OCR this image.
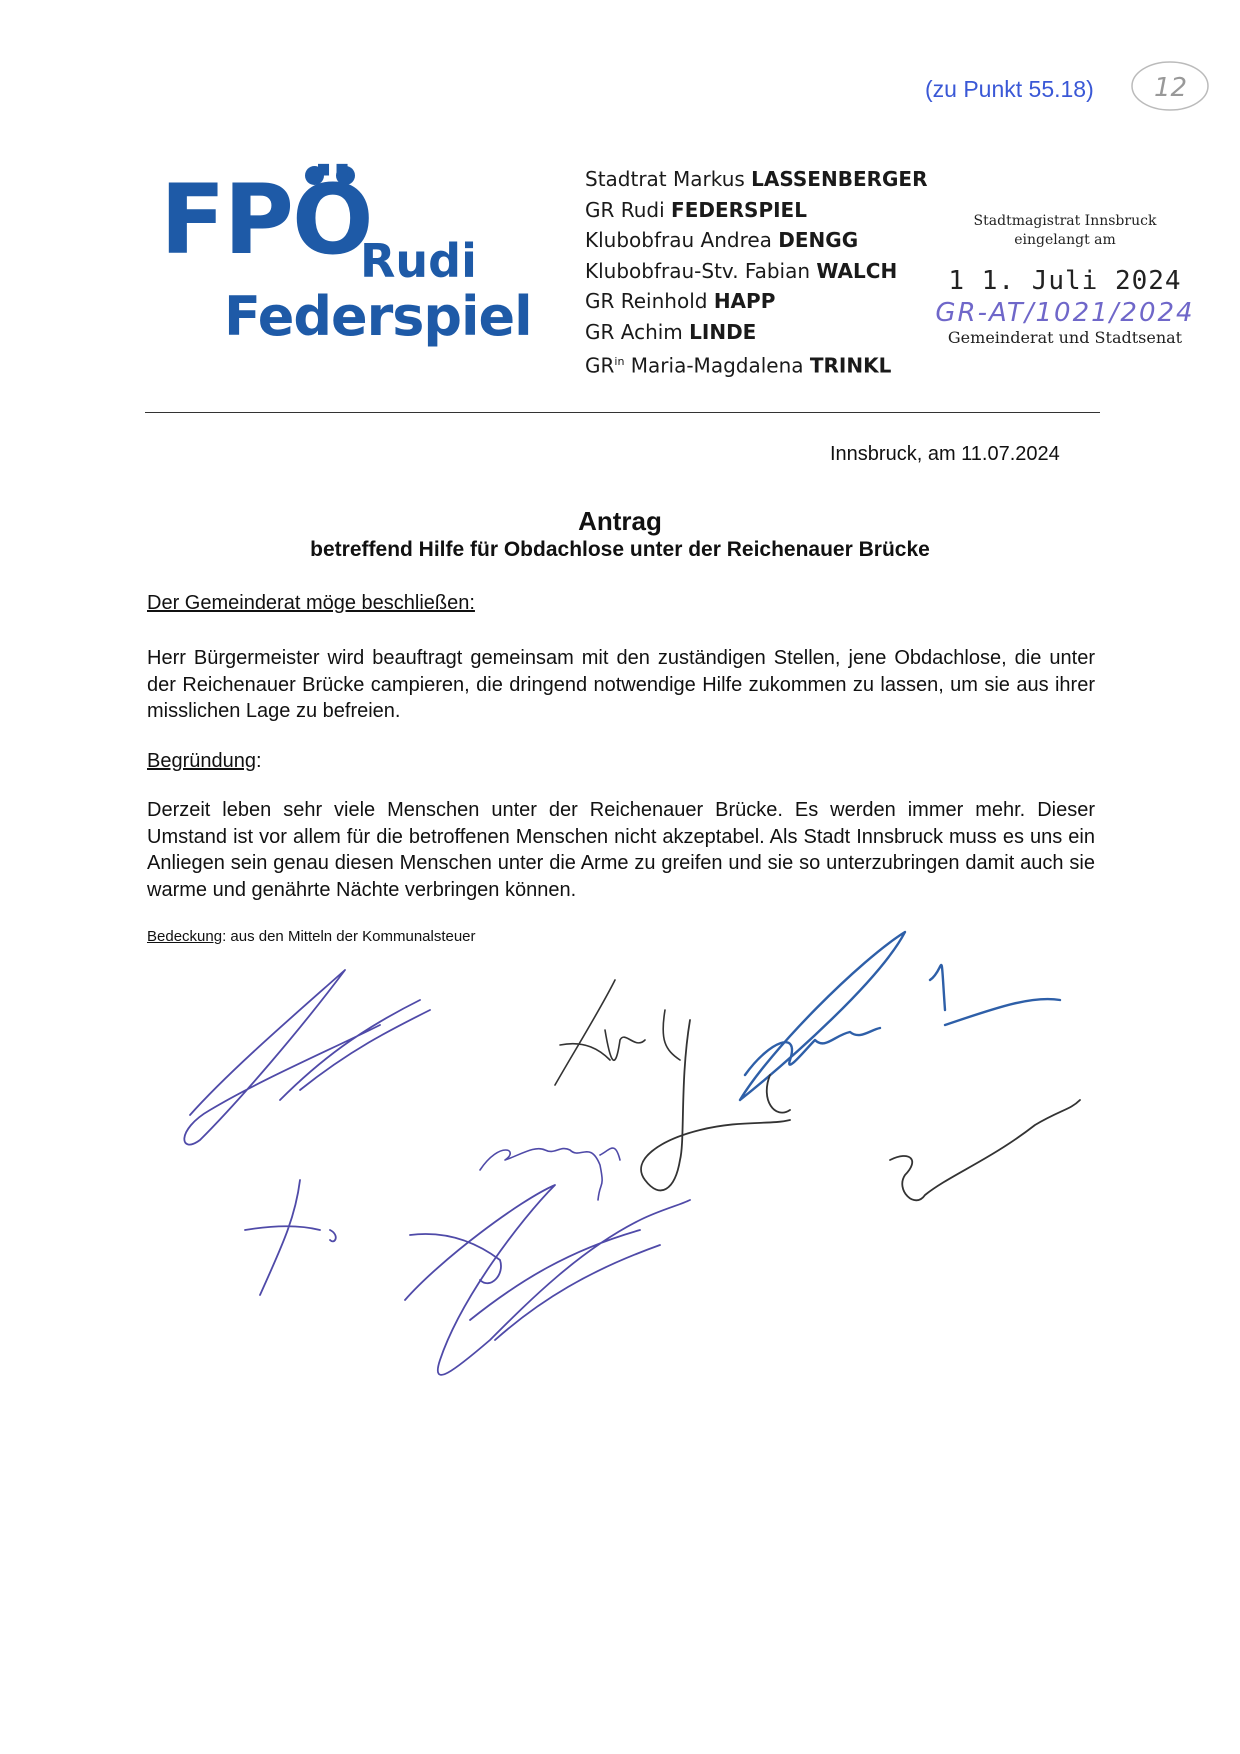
(zu Punkt 55.18) 12
FPÖ
Rudi
Federspiel
Stadtrat Markus LASSENBERGER
GR Rudi FEDERSPIEL
Klubobfrau Andrea DENGG
Klubobfrau-Stv. Fabian WALCH
GR Reinhold HAPP
GR Achim LINDE
$GR^{in}$ Maria-Magdalena TRINKL
Stadtmagistrat Innsbruck
eingelangt am
1 1. Juli 2024
GR-AT/1021/2024
Gemeinderat und Stadtsenat
Innsbruck, am 11.07.2024
Antrag
betreffend Hilfe für Obdachlose unter der Reichenauer Brücke
Der Gemeinderat möge beschließen:
Herr Bürgermeister wird beauftragt gemeinsam mit den zuständigen Stellen, jene Obdachlose, die unter der Reichenauer Brücke campieren, die dringend notwendige Hilfe zukommen zu lassen, um sie aus ihrer misslichen Lage zu befreien.
Begründung:
Derzeit leben sehr viele Menschen unter der Reichenauer Brücke. Es werden immer mehr. Dieser Umstand ist vor allem für die betroffenen Menschen nicht akzeptabel. Als Stadt Innsbruck muss es uns ein Anliegen sein genau diesen Menschen unter die Arme zu greifen und sie so unterzubringen damit auch sie warme und genährte Nächte verbringen können.
Bedeckung: aus den Mitteln der Kommunalsteuer
